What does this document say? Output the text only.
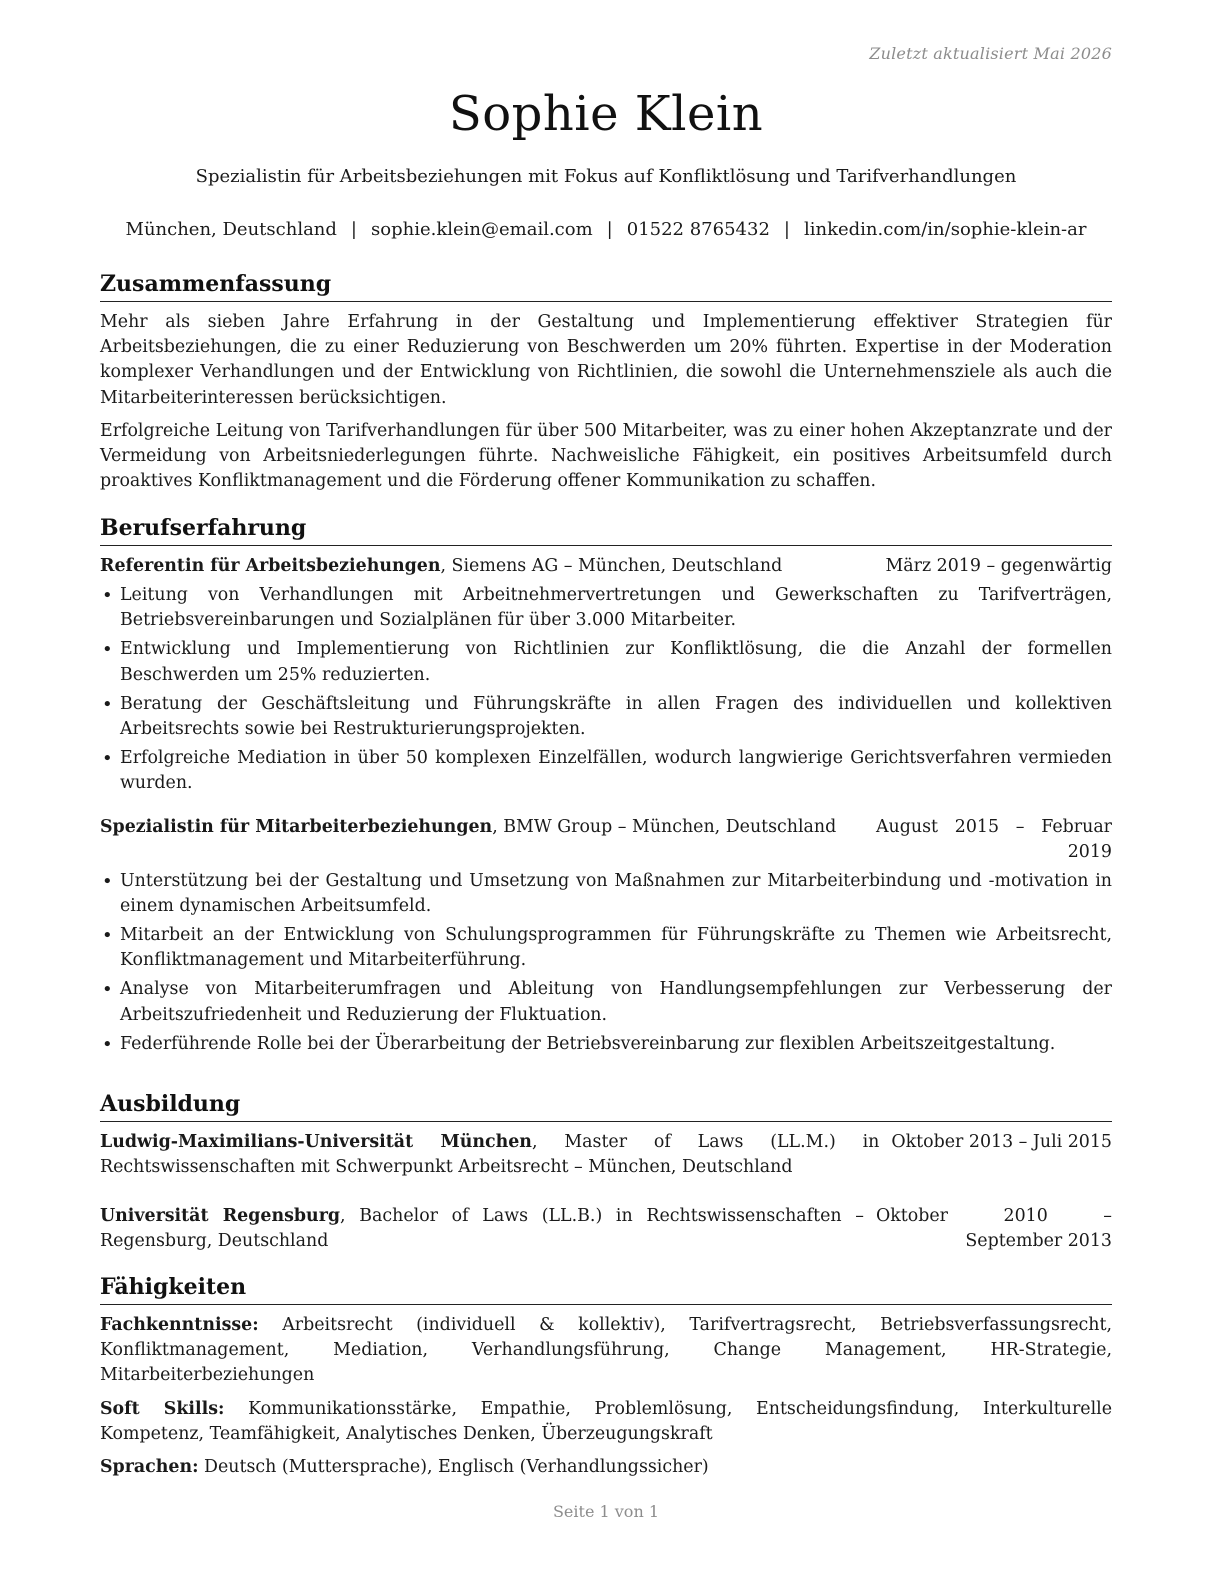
Zuletzt aktualisiert Mai 2026
Sophie Klein
Spezialistin für Arbeitsbeziehungen mit Fokus auf Konfliktlösung und Tarifverhandlungen
München, Deutschland | sophie.klein@email.com | 01522 8765432 | linkedin.com/in/sophie-klein-ar
Zusammenfassung

Mehr als sieben Jahre Erfahrung in der Gestaltung und Implementierung effektiver Strategien für Arbeitsbeziehungen, die zu einer Reduzierung von Beschwerden um 20% führten. Expertise in der Moderation komplexer Verhandlungen und der Entwicklung von Richtlinien, die sowohl die Unternehmensziele als auch die Mitarbeiterinteressen berücksichtigen.

Erfolgreiche Leitung von Tarifverhandlungen für über 500 Mitarbeiter, was zu einer hohen Akzeptanzrate und der Vermeidung von Arbeitsniederlegungen führte. Nachweisliche Fähigkeit, ein positives Arbeitsumfeld durch proaktives Konfliktmanagement und die Förderung offener Kommunikation zu schaffen.

Berufserfahrung
Referentin für Arbeitsbeziehungen, Siemens AG – München, Deutschland	März 2019 – gegenwärtig
• Leitung von Verhandlungen mit Arbeitnehmervertretungen und Gewerkschaften zu Tarifverträgen, Betriebsvereinbarungen und Sozialplänen für über 3.000 Mitarbeiter.
• Entwicklung und Implementierung von Richtlinien zur Konfliktlösung, die die Anzahl der formellen Beschwerden um 25% reduzierten.
• Beratung der Geschäftsleitung und Führungskräfte in allen Fragen des individuellen und kollektiven Arbeitsrechts sowie bei Restrukturierungsprojekten.
• Erfolgreiche Mediation in über 50 komplexen Einzelfällen, wodurch langwierige Gerichtsverfahren vermieden wurden.
Spezialistin für Mitarbeiterbeziehungen, BMW Group – München, Deutschland	August 2015 – Februar 2019
• Unterstützung bei der Gestaltung und Umsetzung von Maßnahmen zur Mitarbeiterbindung und -motivation in einem dynamischen Arbeitsumfeld.
• Mitarbeit an der Entwicklung von Schulungsprogrammen für Führungskräfte zu Themen wie Arbeitsrecht, Konfliktmanagement und Mitarbeiterführung.
• Analyse von Mitarbeiterumfragen und Ableitung von Handlungsempfehlungen zur Verbesserung der Arbeitszufriedenheit und Reduzierung der Fluktuation.
• Federführende Rolle bei der Überarbeitung der Betriebsvereinbarung zur flexiblen Arbeitszeitgestaltung.
Ausbildung
Ludwig-Maximilians-Universität München, Master of Laws (LL.M.) in Rechtswissenschaften mit Schwerpunkt Arbeitsrecht – München, Deutschland
Oktober 2013 – Juli 2015
Universität Regensburg, Bachelor of Laws (LL.B.) in Rechtswissenschaften – Regensburg, Deutschland
Oktober 2010 – September 2013
Fähigkeiten
Fachkenntnisse: Arbeitsrecht (individuell & kollektiv), Tarifvertragsrecht, Betriebsverfassungsrecht, Konfliktmanagement, Mediation, Verhandlungsführung, Change Management, HR-Strategie, Mitarbeiterbeziehungen
Soft Skills: Kommunikationsstärke, Empathie, Problemlösung, Entscheidungsfindung, Interkulturelle Kompetenz, Teamfähigkeit, Analytisches Denken, Überzeugungskraft
Sprachen: Deutsch (Muttersprache), Englisch (Verhandlungssicher)
Seite 1 von 1
